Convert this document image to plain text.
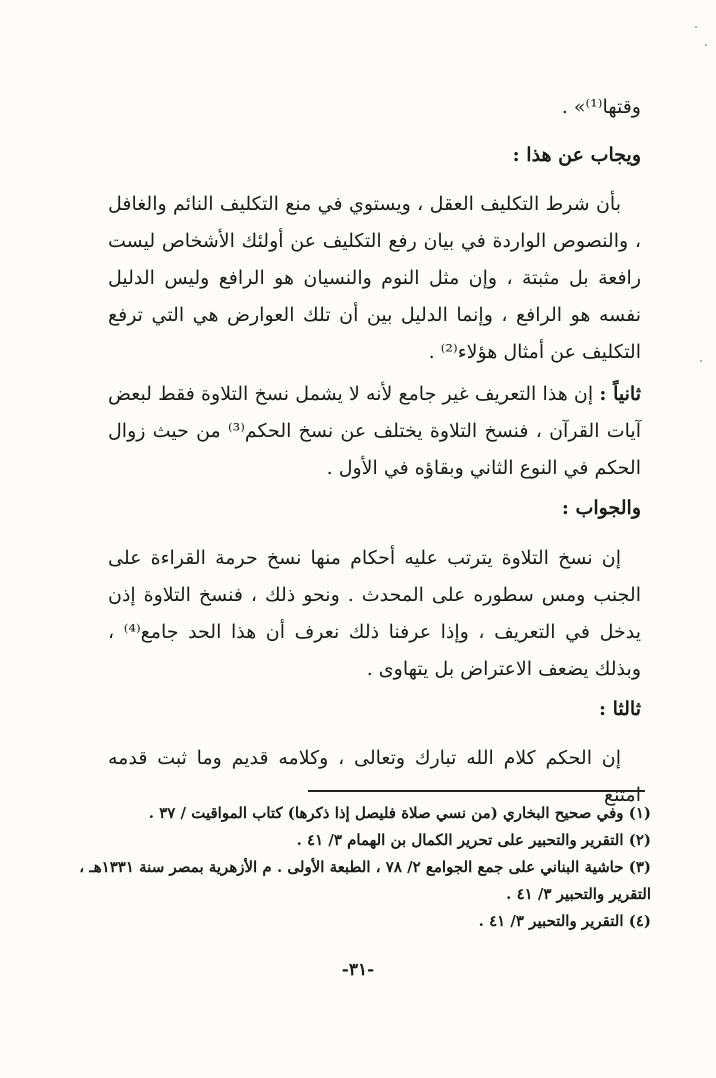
وقتها⁽¹⁾» .
ويجاب عن هذا :
بأن شرط التكليف العقل ، ويستوي في منع التكليف النائم والغافل ، والنصوص الواردة في بيان رفع التكليف عن أولئك الأشخاص ليست رافعة بل مثبتة ، وإن مثل النوم والنسيان هو الرافع وليس الدليل نفسه هو الرافع ، وإنما الدليل بين أن تلك العوارض هي التي ترفع التكليف عن أمثال هؤلاء⁽²⁾ .
ثانياً : إن هذا التعريف غير جامع لأنه لا يشمل نسخ التلاوة فقط لبعض آيات القرآن ، فنسخ التلاوة يختلف عن نسخ الحكم⁽³⁾ من حيث زوال الحكم في النوع الثاني وبقاؤه في الأول .
والجواب :
إن نسخ التلاوة يترتب عليه أحكام منها نسخ حرمة القراءة على الجنب ومس سطوره على المحدث . ونحو ذلك ، فنسخ التلاوة إذن يدخل في التعريف ، وإذا عرفنا ذلك نعرف أن هذا الحد جامع⁽⁴⁾ ، وبذلك يضعف الاعتراض بل يتهاوى .
ثالثا :
إن الحكم كلام الله تبارك وتعالى ، وكلامه قديم وما ثبت قدمه امتنع
(١) وفي صحيح البخاري (من نسي صلاة فليصل إذا ذكرها) كتاب المواقيت / ٣٧ .
(٢) التقرير والتحبير على تحرير الكمال بن الهمام ٣/ ٤١ .
(٣) حاشية البناني على جمع الجوامع ٢/ ٧٨ ، الطبعة الأولى . م الأزهرية بمصر سنة ١٣٣١هـ ، التقرير والتحبير ٣/ ٤١ .
(٤) التقرير والتحبير ٣/ ٤١ .
-٣١-
